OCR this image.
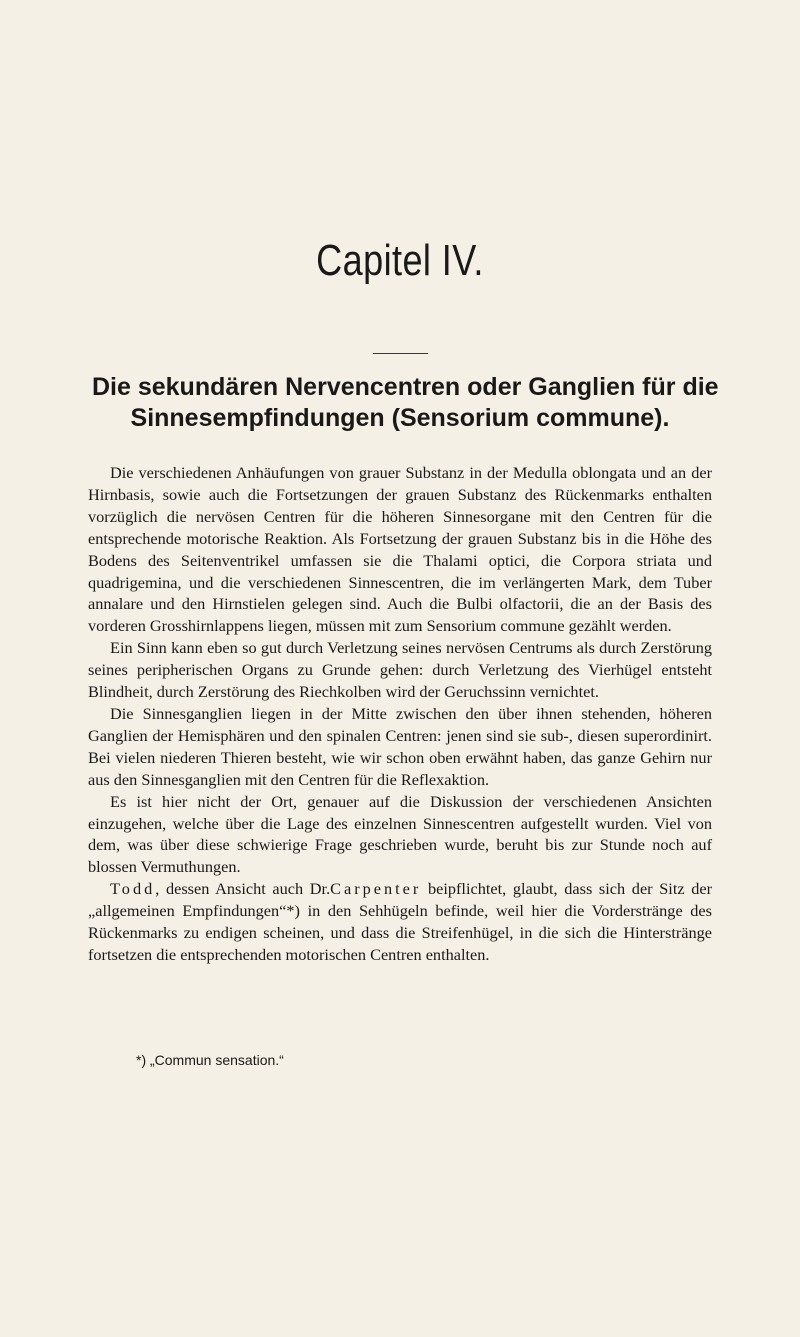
Capitel IV.
Die sekundären Nervencentren oder Ganglien für die
Sinnesempfindungen (Sensorium commune).

Die verschiedenen Anhäufungen von grauer Substanz in der Medulla oblongata und an der Hirnbasis, sowie auch die Fortsetzungen der grauen Substanz des Rückenmarks enthalten vorzüglich die nervösen Centren für die höheren Sinnesorgane mit den Centren für die entsprechende motorische Reaktion. Als Fortsetzung der grauen Substanz bis in die Höhe des Bodens des Seitenventrikel umfassen sie die Thalami optici, die Corpora striata und quadrigemina, und die verschiedenen Sinnescentren, die im verlängerten Mark, dem Tuber annalare und den Hirnstielen gelegen sind. Auch die Bulbi olfactorii, die an der Basis des vorderen Grosshirnlappens liegen, müssen mit zum Sensorium commune gezählt werden.

Ein Sinn kann eben so gut durch Verletzung seines nervösen Centrums als durch Zerstörung seines peripherischen Organs zu Grunde gehen: durch Verletzung des Vierhügel entsteht Blindheit, durch Zerstörung des Riechkolben wird der Geruchssinn vernichtet.

Die Sinnesganglien liegen in der Mitte zwischen den über ihnen stehenden, höheren Ganglien der Hemisphären und den spinalen Centren: jenen sind sie sub-, diesen superordinirt. Bei vielen niederen Thieren besteht, wie wir schon oben erwähnt haben, das ganze Gehirn nur aus den Sinnesganglien mit den Centren für die Reflexaktion.

Es ist hier nicht der Ort, genauer auf die Diskussion der verschiedenen Ansichten einzugehen, welche über die Lage des einzelnen Sinnescentren aufgestellt wurden. Viel von dem, was über diese schwierige Frage geschrieben wurde, beruht bis zur Stunde noch auf blossen Vermuthungen.

Todd, dessen Ansicht auch Dr.Carpenter beipflichtet, glaubt, dass sich der Sitz der „allgemeinen Empfindungen“*) in den Sehhügeln befinde, weil hier die Vorderstränge des Rückenmarks zu endigen scheinen, und dass die Streifenhügel, in die sich die Hinterstränge fortsetzen die entsprechenden motorischen Centren enthalten.

*) „Commun sensation.“
